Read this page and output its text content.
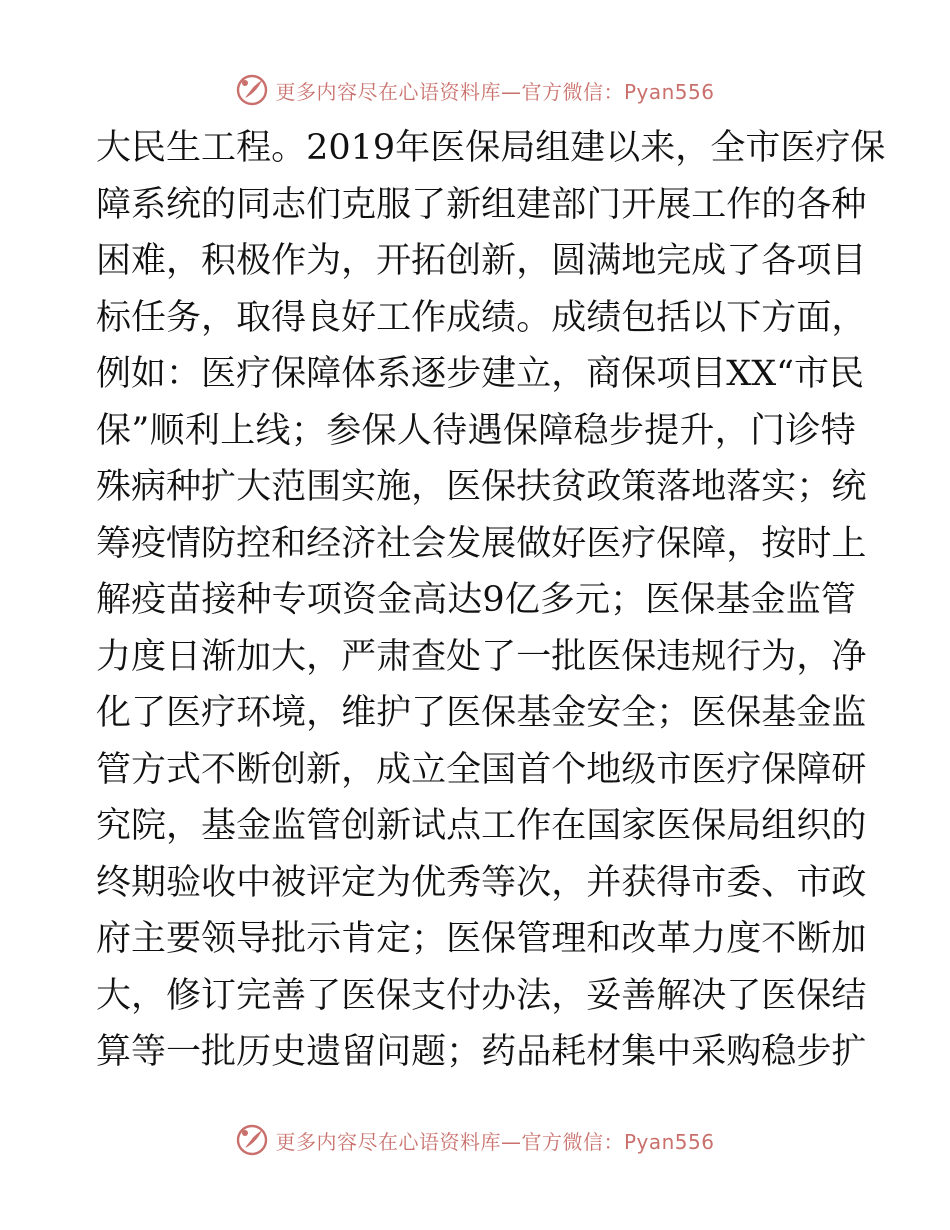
更多内容尽在心语资料库—官方微信：Pyan556
大 民 生 工 程 。 2019 年 医 保 局 组 建 以 来 ， 全 市 医 疗 保
障 系 统 的 同 志 们 克 服 了 新 组 建 部 门 开 展 工 作 的 各 种
困 难 ， 积 极 作 为 ， 开 拓 创 新 ， 圆 满 地 完 成 了 各 项 目
标 任 务 ， 取 得 良 好 工 作 成 绩 。 成 绩 包 括 以 下 方 面 ，
例 如 ： 医 疗 保 障 体 系 逐 步 建 立 ， 商 保 项 目 XX “ 市 民
保 ” 顺 利 上 线 ； 参 保 人 待 遇 保 障 稳 步 提 升 ， 门 诊 特
殊 病 种 扩 大 范 围 实 施 ， 医 保 扶 贫 政 策 落 地 落 实 ； 统
筹 疫 情 防 控 和 经 济 社 会 发 展 做 好 医 疗 保 障 ， 按 时 上
解 疫 苗 接 种 专 项 资 金 高 达 9 亿 多 元 ； 医 保 基 金 监 管
力 度 日 渐 加 大 ， 严 肃 查 处 了 一 批 医 保 违 规 行 为 ， 净
化 了 医 疗 环 境 ， 维 护 了 医 保 基 金 安 全 ； 医 保 基 金 监
管 方 式 不 断 创 新 ， 成 立 全 国 首 个 地 级 市 医 疗 保 障 研
究 院 ， 基 金 监 管 创 新 试 点 工 作 在 国 家 医 保 局 组 织 的
终 期 验 收 中 被 评 定 为 优 秀 等 次 ， 并 获 得 市 委 、 市 政
府 主 要 领 导 批 示 肯 定 ； 医 保 管 理 和 改 革 力 度 不 断 加
大 ， 修 订 完 善 了 医 保 支 付 办 法 ， 妥 善 解 决 了 医 保 结
算 等 一 批 历 史 遗 留 问 题 ； 药 品 耗 材 集 中 采 购 稳 步 扩
更多内容尽在心语资料库—官方微信：Pyan556
